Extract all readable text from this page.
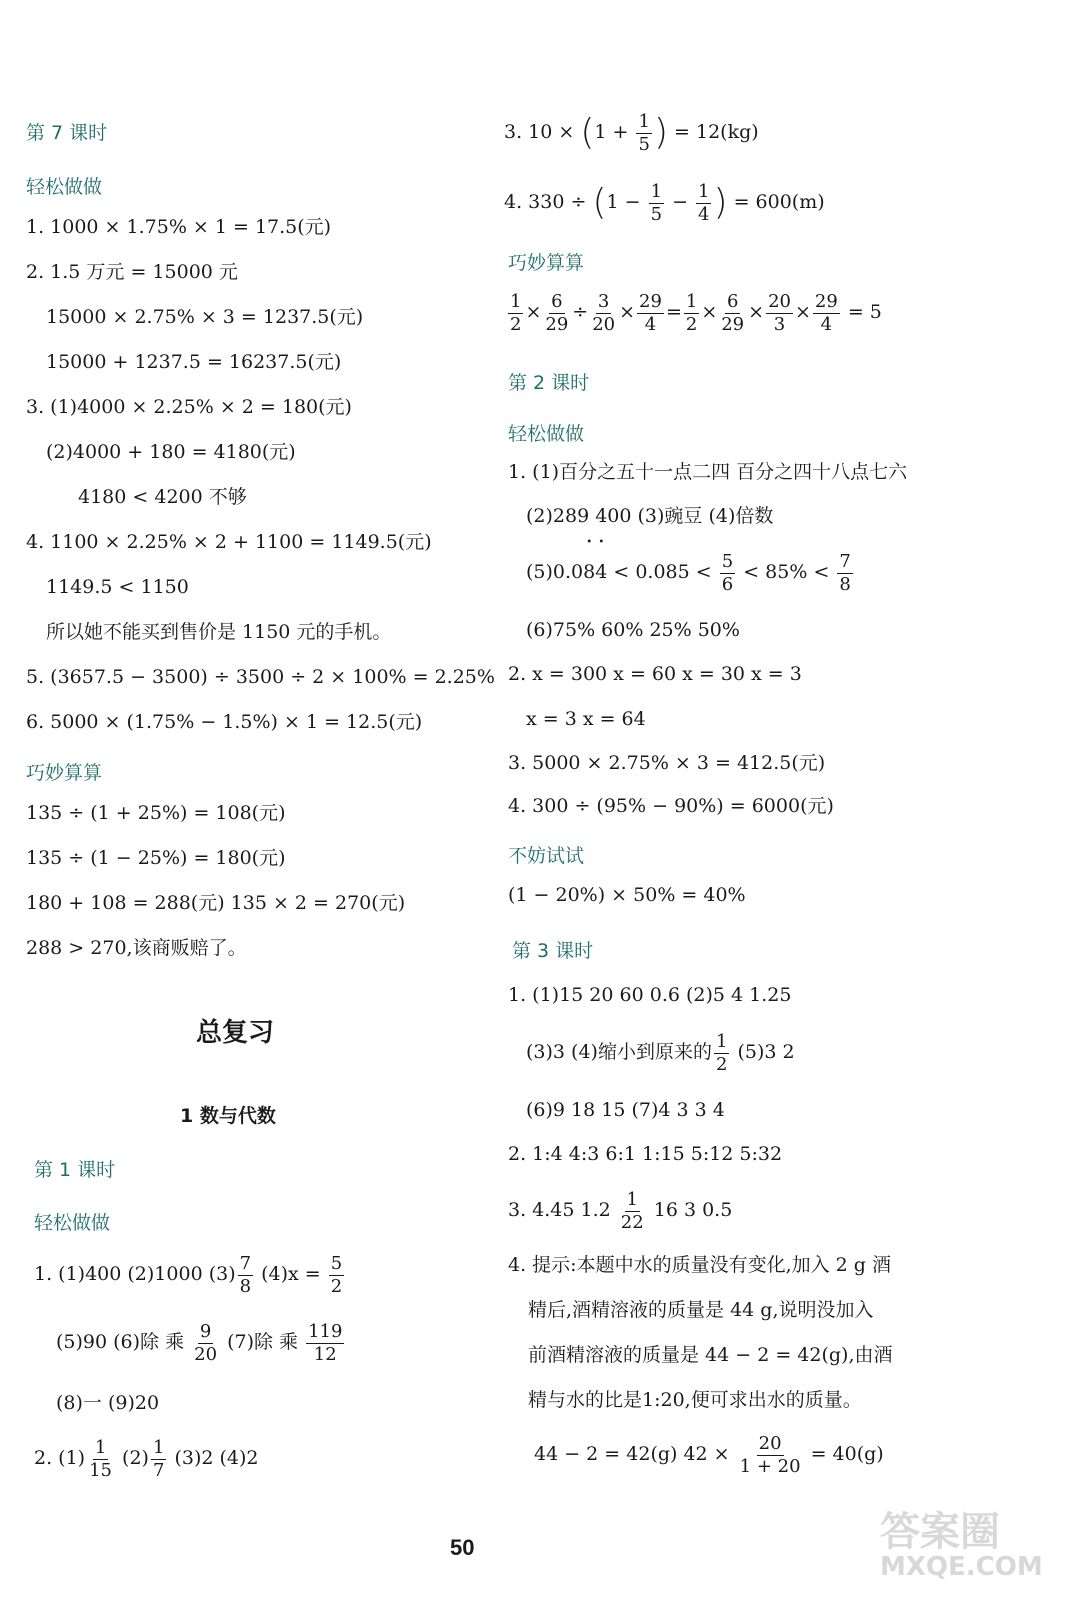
第 7 课时
轻松做做
1. 1000 × 1.75% × 1 = 17.5(元)
2. 1.5 万元 = 15000 元
15000 × 2.75% × 3 = 1237.5(元)
15000 + 1237.5 = 16237.5(元)
3. (1)4000 × 2.25% × 2 = 180(元)
(2)4000 + 180 = 4180(元)
4180 < 4200 不够
4. 1100 × 2.25% × 2 + 1100 = 1149.5(元)
1149.5 < 1150
所以她不能买到售价是 1150 元的手机。
5. (3657.5 − 3500) ÷ 3500 ÷ 2 × 100% = 2.25%
6. 5000 × (1.75% − 1.5%) × 1 = 12.5(元)
巧妙算算
135 ÷ (1 + 25%) = 108(元)
135 ÷ (1 − 25%) = 180(元)
180 + 108 = 288(元) 135 × 2 = 270(元)
288 > 270,该商贩赔了。
总复习
1 数与代数
第 1 课时
轻松做做
1. (1)400 (2)1000 $(3) \frac{7}{8} (4)x = \frac{5}{2}$
(5)90 (6)除 乘 $\frac{9}{20} (7)$除 乘 $\frac{119}{12}$
(8)一 (9)20
2. $(1) \frac{1}{15} (2) \frac{1}{7} (3)2$ (4)2
3. $10 \times (1 + \frac{1}{5}$ ) = 12(kg)
4. $330 \div (1 - \frac{1}{5} - \frac{1}{4}$ ) = 600(m)
巧妙算算
$\frac{1}{2} \times \frac{6}{29} \div \frac{3}{20} \times \frac{29}{4} = \frac{1}{2} \times \frac{6}{29} \times \frac{20}{3} \times \frac{29}{4} = 5$
第 2 课时
轻松做做
1. (1)百分之五十一点二四 百分之四十八点七六
(2)289 400 (3)豌豆 (4)倍数
(5)0.0• 8• $4 < 0.085 < \frac{5}{6} < 85\% < \frac{7}{8}$
(6)75% 60% 25% 50%
2. x = 300 x = 60 x = 30 x = 3
x = 3 x = 64
3. 5000 × 2.75% × 3 = 412.5(元)
4. 300 ÷ (95% − 90%) = 6000(元)
不妨试试
(1 − 20%) × 50% = 40%
第 3 课时
1. (1)15 20 60 0.6 (2)5 4 1.25
(3)3 (4)缩小到原来的 $\frac{1}{2} (5)3$ 2
(6)9 18 15 (7)4 3 3 4
2. 1:4 4:3 6:1 1:15 5:12 5:32
3. 4.45 $1.2 \frac{1}{22} 16$ 3 0.5
4. 提示:本题中水的质量没有变化,加入 2 g 酒
精后,酒精溶液的质量是 44 g,说明没加入
前酒精溶液的质量是 44 − 2 = 42(g),由酒
精与水的比是1:20,便可求出水的质量。
44 − 2 = 42(g) $42 \times \frac{20}{1 + 20} = 40(g)$
50	答案圈
MXQE.COM
